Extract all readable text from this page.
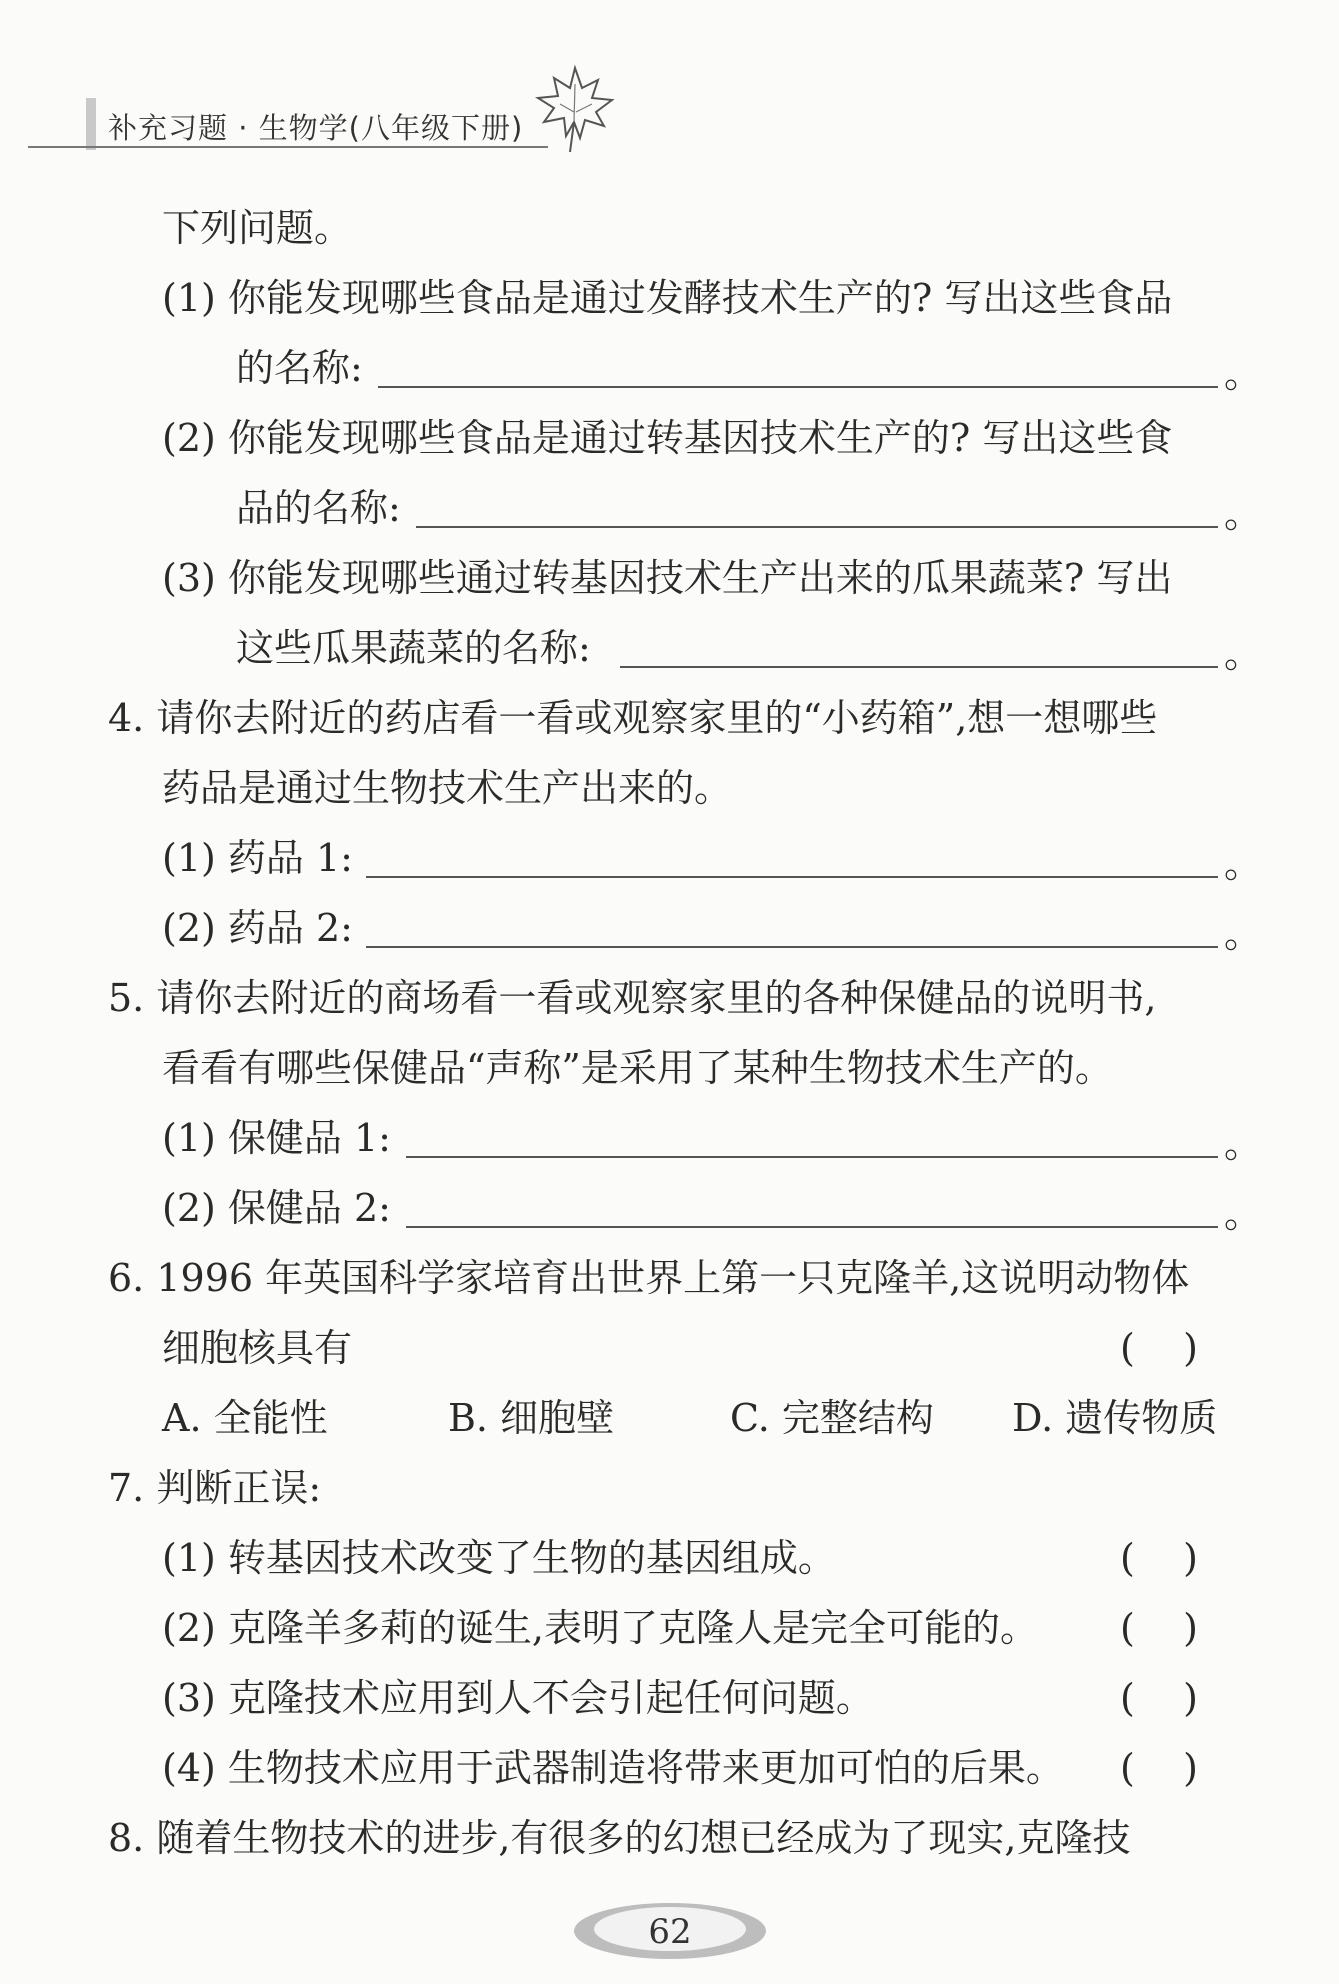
补充习题 · 生物学(八年级下册)
下列问题。
(1) 你能发现哪些食品是通过发酵技术生产的? 写出这些食品
的名称:	。
(2) 你能发现哪些食品是通过转基因技术生产的? 写出这些食
品的名称:	。
(3) 你能发现哪些通过转基因技术生产出来的瓜果蔬菜? 写出
这些瓜果蔬菜的名称:	。
4. 请你去附近的药店看一看或观察家里的“小药箱”,想一想哪些
药品是通过生物技术生产出来的。
(1) 药品 1:	。
(2) 药品 2:	。
5. 请你去附近的商场看一看或观察家里的各种保健品的说明书,
看看有哪些保健品“声称”是采用了某种生物技术生产的。
(1) 保健品 1:	。
(2) 保健品 2:	。
6. 1996 年英国科学家培育出世界上第一只克隆羊,这说明动物体
细胞核具有	(    )
A. 全能性	B. 细胞壁	C. 完整结构 D. 遗传物质
7. 判断正误:
(1) 转基因技术改变了生物的基因组成。	(    )
(2) 克隆羊多莉的诞生,表明了克隆人是完全可能的。 (    )
(3) 克隆技术应用到人不会引起任何问题。	(    )
(4) 生物技术应用于武器制造将带来更加可怕的后果。 (    )
8. 随着生物技术的进步,有很多的幻想已经成为了现实,克隆技
62
